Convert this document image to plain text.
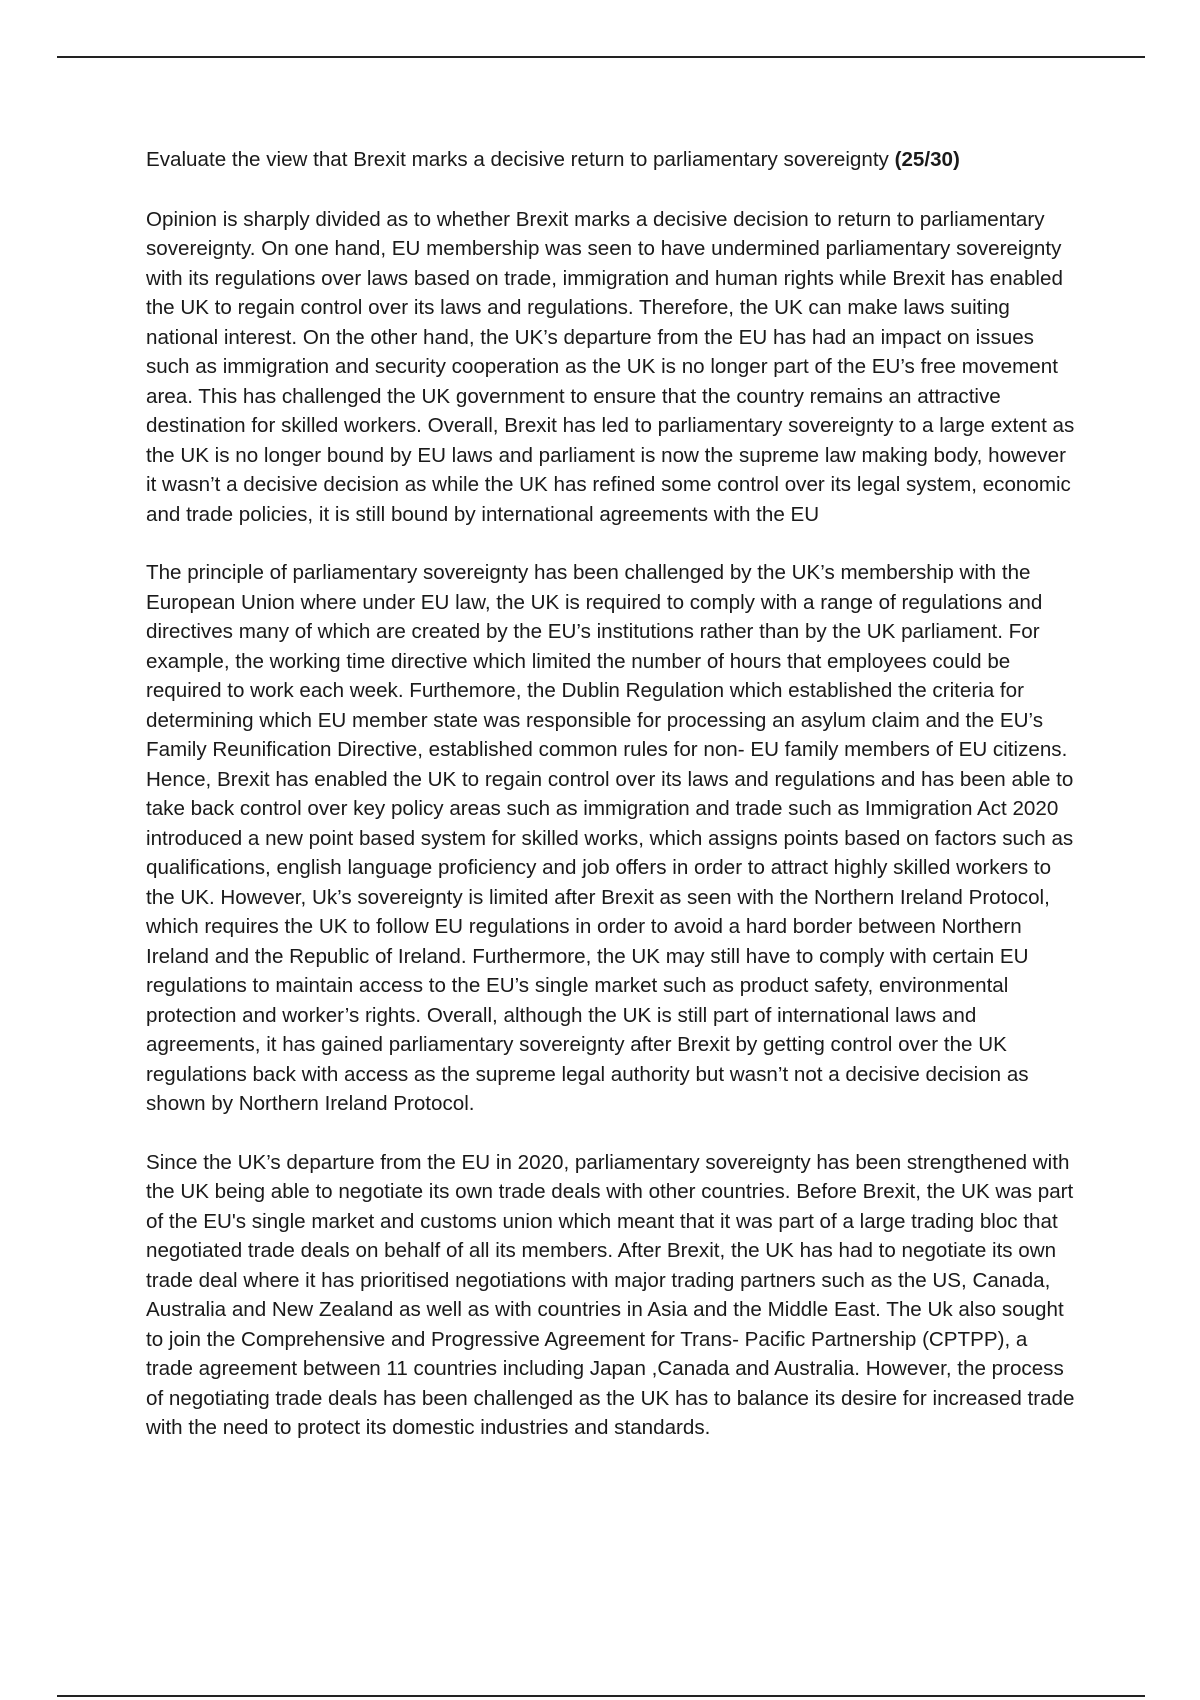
Evaluate the view that Brexit marks a decisive return to parliamentary sovereignty (25/30)

Opinion is sharply divided as to whether Brexit marks a decisive decision to return to parliamentary sovereignty. On one hand, EU membership was seen to have undermined parliamentary sovereignty with its regulations over laws based on trade, immigration and human rights while Brexit has enabled the UK to regain control over its laws and regulations. Therefore, the UK can make laws suiting national interest. On the other hand, the UK’s departure from the EU has had an impact on issues such as immigration and security cooperation as the UK is no longer part of the EU’s free movement area. This has challenged the UK government to ensure that the country remains an attractive destination for skilled workers. Overall, Brexit has led to parliamentary sovereignty to a large extent as the UK is no longer bound by EU laws and parliament is now the supreme law making body, however it wasn’t a decisive decision as while the UK has refined some control over its legal system, economic and trade policies, it is still bound by international agreements with the EU

The principle of parliamentary sovereignty has been challenged by the UK’s membership with the European Union where under EU law, the UK is required to comply with a range of regulations and directives many of which are created by the EU’s institutions rather than by the UK parliament. For example, the working time directive which limited the number of hours that employees could be required to work each week. Furthemore, the Dublin Regulation which established the criteria for determining which EU member state was responsible for processing an asylum claim and the EU’s Family Reunification Directive, established common rules for non- EU family members of EU citizens. Hence, Brexit has enabled the UK to regain control over its laws and regulations and has been able to take back control over key policy areas such as immigration and trade such as Immigration Act 2020 introduced a new point based system for skilled works, which assigns points based on factors such as qualifications, english language proficiency and job offers in order to attract highly skilled workers to the UK. However, Uk’s sovereignty is limited after Brexit as seen with the Northern Ireland Protocol, which requires the UK to follow EU regulations in order to avoid a hard border between Northern Ireland and the Republic of Ireland. Furthermore, the UK may still have to comply with certain EU regulations to maintain access to the EU’s single market such as product safety, environmental protection and worker’s rights. Overall, although the UK is still part of international laws and agreements, it has gained parliamentary sovereignty after Brexit by getting control over the UK regulations back with access as the supreme legal authority but wasn’t not a decisive decision as shown by Northern Ireland Protocol.

Since the UK’s departure from the EU in 2020, parliamentary sovereignty has been strengthened with the UK being able to negotiate its own trade deals with other countries. Before Brexit, the UK was part of the EU's single market and customs union which meant that it was part of a large trading bloc that negotiated trade deals on behalf of all its members. After Brexit, the UK has had to negotiate its own trade deal where it has prioritised negotiations with major trading partners such as the US, Canada, Australia and New Zealand as well as with countries in Asia and the Middle East. The Uk also sought to join the Comprehensive and Progressive Agreement for Trans- Pacific Partnership (CPTPP), a trade agreement between 11 countries including Japan ,Canada and Australia. However, the process of negotiating trade deals has been challenged as the UK has to balance its desire for increased trade with the need to protect its domestic industries and standards.
